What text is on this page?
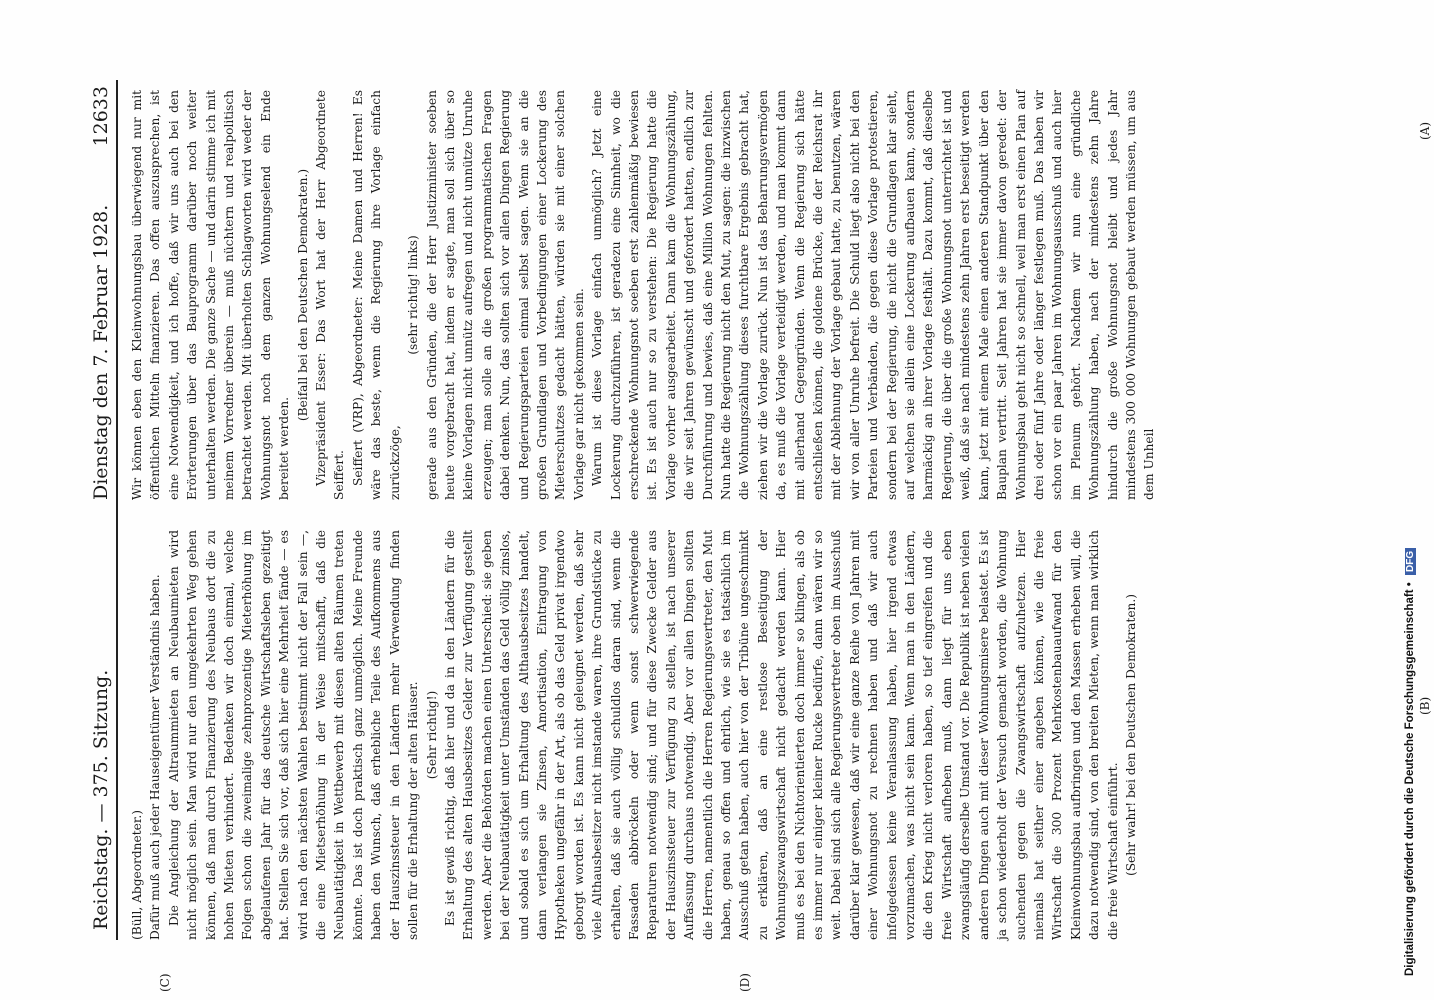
Reichstag. — 375. Sitzung.
12633
Dienstag den 7. Februar 1928.

(Büll, Abgeordneter.) Dafür muß auch jeder Hauseigentümer Verständnis haben. Die Angleichung der Altraummieten an Neubaumieten wird nicht möglich sein. Man wird nur den umgekehrten Weg gehen können, daß man durch Finanzierung des Neubaus dort die zu hohen Mieten verhindert. Bedenken wir doch einmal, welche Folgen schon die zweimalige zehnprozentige Mieterhöhung im abgelaufenen Jahr für das deutsche Wirtschaftsleben gezeitigt hat. Stellen Sie sich vor, daß sich hier eine Mehrheit fände — es wird nach den nächsten Wahlen bestimmt nicht der Fall sein —, die eine Mietserhöhung in der Weise mitschafft, daß die Neubautätigkeit in Wettbewerb mit diesen alten Räumen treten könnte. Das ist doch praktisch ganz unmöglich. Meine Freunde haben den Wunsch, daß erhebliche Teile des Aufkommens aus der Hauszinssteuer in den Ländern mehr Verwendung finden sollen für die Erhaltung der alten Häuser. (Sehr richtig!) Es ist gewiß richtig, daß hier und da in den Ländern für die Erhaltung des alten Hausbesitzes Gelder zur Verfügung gestellt werden. Aber die Behörden machen einen Unterschied: sie geben bei der Neubautätigkeit unter Umständen das Geld völlig zinslos, und sobald es sich um Erhaltung des Althausbesitzes handelt, dann verlangen sie Zinsen, Amortisation, Eintragung von Hypotheken ungefähr in der Art, als ob das Geld privat irgendwo geborgt worden ist. Es kann nicht geleugnet werden, daß sehr viele Althausbesitzer nicht imstande waren, ihre Grundstücke zu erhalten, daß sie auch völlig schuldlos daran sind, wenn die Fassaden abbröckeln oder wenn sonst schwerwiegende Reparaturen notwendig sind; und für diese Zwecke Gelder aus der Hauszinssteuer zur Verfügung zu stellen, ist nach unserer Auffassung durchaus notwendig. Aber vor allen Dingen sollten die Herren, namentlich die Herren Regierungsvertreter, den Mut haben, genau so offen und ehrlich, wie sie es tatsächlich im Ausschuß getan haben, auch hier von der Tribüne ungeschminkt zu erklären, daß an eine restlose Beseitigung der Wohnungszwangswirtschaft nicht gedacht werden kann. Hier muß es bei den Nichtorientierten doch immer so klingen, als ob es immer nur einiger kleiner Rucke bedürfe, dann wären wir so weit. Dabei sind sich alle Regierungsvertreter oben im Ausschuß darüber klar gewesen, daß wir eine ganze Reihe von Jahren mit einer Wohnungsnot zu rechnen haben und daß wir auch infolgedessen keine Veranlassung haben, hier irgend etwas vorzumachen, was nicht sein kann. Wenn man in den Ländern, die den Krieg nicht verloren haben, so tief eingreifen und die freie Wirtschaft aufheben muß, dann liegt für uns eben zwangsläufig derselbe Umstand vor. Die Republik ist neben vielen anderen Dingen auch mit dieser Wohnungsmisere belastet. Es ist ja schon wiederholt der Versuch gemacht worden, die Wohnung suchenden gegen die Zwangswirtschaft aufzuhetzen. Hier niemals hat seither einer angeben können, wie die freie Wirtschaft die 300 Prozent Mehrkostenbauaufwand für den Kleinwohnungsbau aufbringen und den Massen erheben will, die dazu notwendig sind, von den breiten Mieten, wenn man wirklich die freie Wirtschaft einführt. (Sehr wahr! bei den Deutschen Demokraten.)

Wir können eben den Kleinwohnungsbau überwiegend nur mit öffentlichen Mitteln finanzieren. Das offen auszusprechen, ist eine Notwendigkeit, und ich hoffe, daß wir uns auch bei den Erörterungen über das Bauprogramm darüber noch weiter unterhalten werden. Die ganze Sache — und darin stimme ich mit meinem Vorredner überein — muß nüchtern und realpolitisch betrachtet werden. Mit überholten Schlagworten wird weder der Wohnungsnot noch dem ganzen Wohnungselend ein Ende bereitet werden.

(Beifall bei den Deutschen Demokraten.) Vizepräsident Esser: Das Wort hat der Herr Abgeordnete Seiffert. Seiffert (VRP), Abgeordneter: Meine Damen und Herren! Es wäre das beste, wenn die Regierung ihre Vorlage einfach zurückzöge,

(sehr richtig! links) gerade aus den Gründen, die der Herr Justizminister soeben heute vorgebracht hat, indem er sagte, man soll sich über so kleine Vorlagen nicht unnütz aufregen und nicht unnütze Unruhe erzeugen; man solle an die großen programmatischen Fragen dabei denken. Nun, das sollten sich vor allen Dingen Regierung und Regierungsparteien einmal selbst sagen. Wenn sie an die großen Grundlagen und Vorbedingungen einer Lockerung des Mieterschutzes gedacht hätten, würden sie mit einer solchen Vorlage gar nicht gekommen sein. Warum ist diese Vorlage einfach unmöglich? Jetzt eine Lockerung durchzuführen, ist geradezu eine Sinnheit, wo die erschreckende Wohnungsnot soeben erst zahlenmäßig bewiesen ist. Es ist auch nur so zu verstehen: Die Regierung hatte die Vorlage vorher ausgearbeitet. Dann kam die Wohnungszählung, die wir seit Jahren gewünscht und gefordert hatten, endlich zur Durchführung und bewies, daß eine Million Wohnungen fehlten. Nun hatte die Regierung nicht den Mut, zu sagen: die inzwischen die Wohnungszählung dieses furchtbare Ergebnis gebracht hat, ziehen wir die Vorlage zurück. Nun ist das Beharrungsvermögen da, es muß die Vorlage verteidigt werden, und man kommt dann mit allerhand Gegengründen. Wenn die Regierung sich hätte entschließen können, die goldene Brücke, die der Reichsrat ihr mit der Ablehnung der Vorlage gebaut hatte, zu benutzen, wären wir von aller Unruhe befreit. Die Schuld liegt also nicht bei den Parteien und Verbänden, die gegen diese Vorlage protestieren, sondern bei der Regierung, die nicht die Grundlagen klar sieht, auf welchen sie allein eine Lockerung aufbauen kann, sondern harmäckig an ihrer Vorlage festhält. Dazu kommt, daß dieselbe Regierung, die über die große Wohnungsnot unterrichtet ist und weiß, daß sie nach mindestens zehn Jahren erst beseitigt werden kann, jetzt mit einem Male einen anderen Standpunkt über den Bauplan vertritt. Seit Jahren hat sie immer davon geredet: der Wohnungsbau geht nicht so schnell, weil man erst einen Plan auf drei oder fünf Jahre oder länger festlegen muß. Das haben wir schon vor ein paar Jahren im Wohnungsausschuß und auch hier im Plenum gehört. Nachdem wir nun eine gründliche Wohnungszählung haben, nach der mindestens zehn Jahre hindurch die große Wohnungsnot bleibt und jedes Jahr mindestens 300 000 Wohnungen gebaut werden müssen, um aus dem Unheil

(C)	(D)
(A)
(B)
Digitalisierung gefördert durch die Deutsche Forschungsgemeinschaft • DFG
